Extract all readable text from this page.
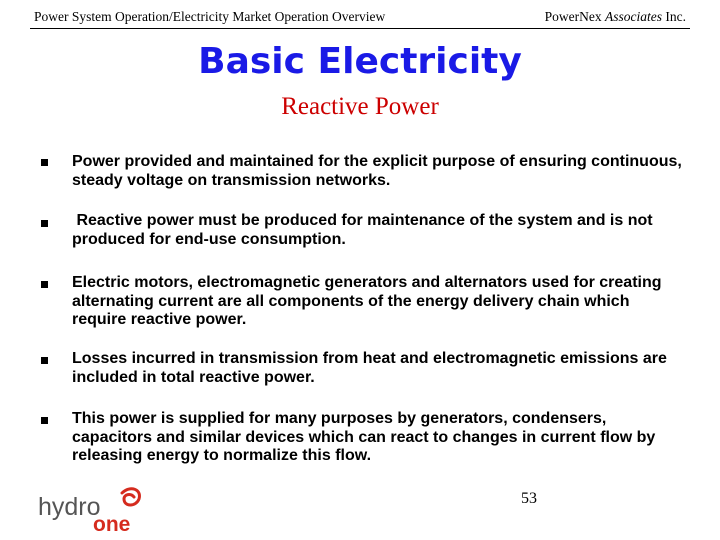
Power System Operation/Electricity Market Operation Overview	PowerNex Associates Inc.
Basic Electricity
Reactive Power
Power provided and maintained for the explicit purpose of ensuring continuous, steady voltage on transmission networks.
Reactive power must be produced for maintenance of the system and is not produced for end-use consumption.
Electric motors, electromagnetic generators and alternators used for creating alternating current are all components of the energy delivery chain which require reactive power.
Losses incurred in transmission from heat and electromagnetic emissions are included in total reactive power.
This power is supplied for many purposes by generators, condensers, capacitors and similar devices which can react to changes in current flow by releasing energy to normalize this flow.
hydro
one
53
